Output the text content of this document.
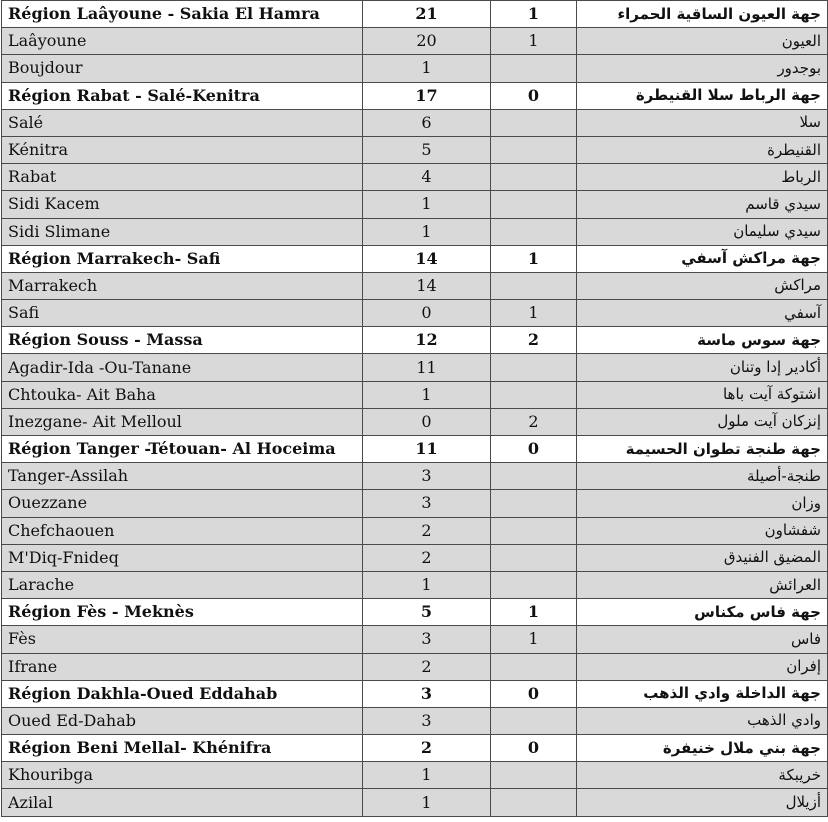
Région Laâyoune - Sakia El Hamra	21	1	جهة العيون الساقية الحمراء
Laâyoune	20	1	العيون
Boujdour	1		بوجدور
Région Rabat - Salé-Kenitra	17	0	جهة الرباط سلا القنيطرة
Salé	6		سلا
Kénitra	5		القنيطرة
Rabat	4		الرباط
Sidi Kacem	1		سيدي قاسم
Sidi Slimane	1		سيدي سليمان
Région Marrakech- Safi	14	1	جهة مراكش آسفي
Marrakech	14		مراكش
Safi	0	1	آسفي
Région Souss - Massa	12	2	جهة سوس ماسة
Agadir-Ida -Ou-Tanane	11		أكادير إدا وتنان
Chtouka- Ait Baha	1		اشتوكة آيت باها
Inezgane- Ait Melloul	0	2	إنزكان آيت ملول
Région Tanger -Tétouan- Al Hoceima	11	0	جهة طنجة تطوان الحسيمة
Tanger-Assilah	3		طنجة-أصيلة
Ouezzane	3		وزان
Chefchaouen	2		شفشاون
M'Diq-Fnideq	2		المضيق الفنيدق
Larache	1		العرائش
Région Fès - Meknès	5	1	جهة فاس مكناس
Fès	3	1	فاس
Ifrane	2		إفران
Région Dakhla-Oued Eddahab	3	0	جهة الداخلة وادي الذهب
Oued Ed-Dahab	3		وادي الذهب
Région Beni Mellal- Khénifra	2	0	جهة بني ملال خنيفرة
Khouribga	1		خريبكة
Azilal	1		أزيلال
